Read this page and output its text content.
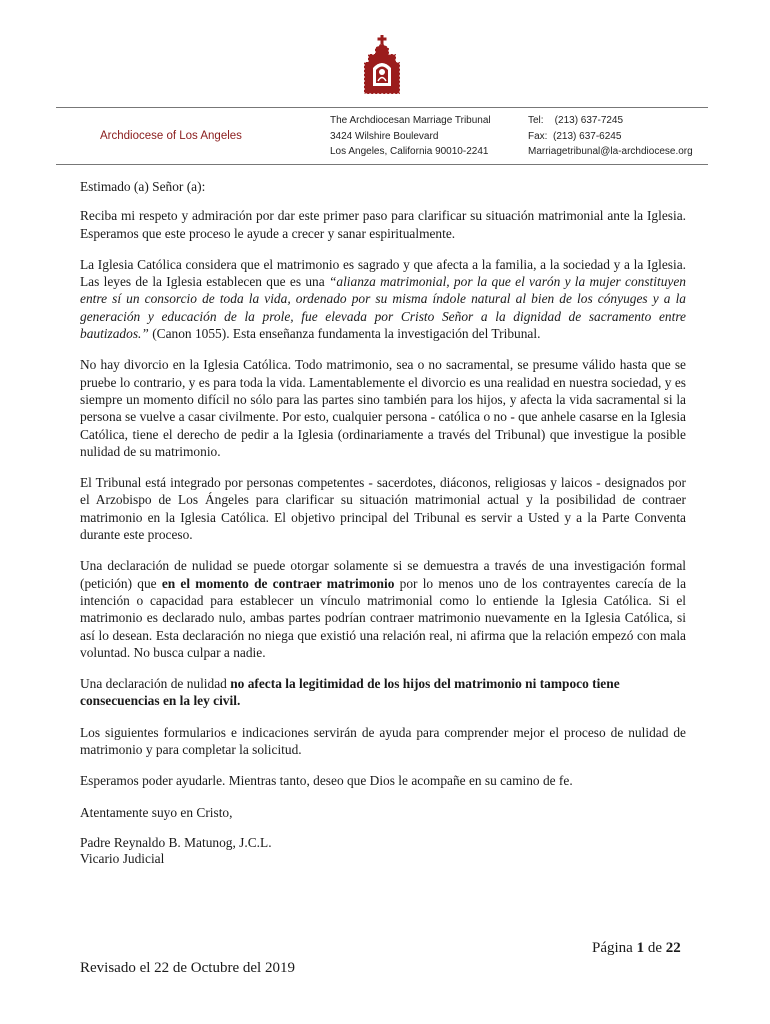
Archdiocese of Los Angeles
The Archdiocesan Marriage Tribunal
3424 Wilshire Boulevard
Los Angeles, California 90010-2241
Tel:    (213) 637-7245
Fax:  (213) 637-6245
Marriagetribunal@la-archdiocese.org

Estimado (a) Señor (a):

Reciba mi respeto y admiración por dar este primer paso para clarificar su situación matrimonial ante la Iglesia. Esperamos que este proceso le ayude a crecer y sanar espiritualmente.

La Iglesia Católica considera que el matrimonio es sagrado y que afecta a la familia, a la sociedad y a la Iglesia. Las leyes de la Iglesia establecen que es una “alianza matrimonial, por la que el varón y la mujer constituyen entre sí un consorcio de toda la vida, ordenado por su misma índole natural al bien de los cónyuges y a la generación y educación de la prole, fue elevada por Cristo Señor a la dignidad de sacramento entre bautizados.” (Canon 1055). Esta enseñanza fundamenta la investigación del Tribunal.

No hay divorcio en la Iglesia Católica. Todo matrimonio, sea o no sacramental, se presume válido hasta que se pruebe lo contrario, y es para toda la vida. Lamentablemente el divorcio es una realidad en nuestra sociedad, y es siempre un momento difícil no sólo para las partes sino también para los hijos, y afecta la vida sacramental si la persona se vuelve a casar civilmente. Por esto, cualquier persona - católica o no - que anhele casarse en la Iglesia Católica, tiene el derecho de pedir a la Iglesia (ordinariamente a través del Tribunal) que investigue la posible nulidad de su matrimonio.

El Tribunal está integrado por personas competentes - sacerdotes, diáconos, religiosas y laicos - designados por el Arzobispo de Los Ángeles para clarificar su situación matrimonial actual y la posibilidad de contraer matrimonio en la Iglesia Católica. El objetivo principal del Tribunal es servir a Usted y a la Parte Conventa durante este proceso.

Una declaración de nulidad se puede otorgar solamente si se demuestra a través de una investigación formal (petición) que en el momento de contraer matrimonio por lo menos uno de los contrayentes carecía de la intención o capacidad para establecer un vínculo matrimonial como lo entiende la Iglesia Católica. Si el matrimonio es declarado nulo, ambas partes podrían contraer matrimonio nuevamente en la Iglesia Católica, si así lo desean. Esta declaración no niega que existió una relación real, ni afirma que la relación empezó con mala voluntad. No busca culpar a nadie.

Una declaración de nulidad no afecta la legitimidad de los hijos del matrimonio ni tampoco tiene consecuencias en la ley civil.

Los siguientes formularios e indicaciones servirán de ayuda para comprender mejor el proceso de nulidad de matrimonio y para completar la solicitud.

Esperamos poder ayudarle. Mientras tanto, deseo que Dios le acompañe en su camino de fe.

Atentamente suyo en Cristo,

Padre Reynaldo B. Matunog, J.C.L.

Vicario Judicial

Página 1 de 22
Revisado el 22 de Octubre del 2019
